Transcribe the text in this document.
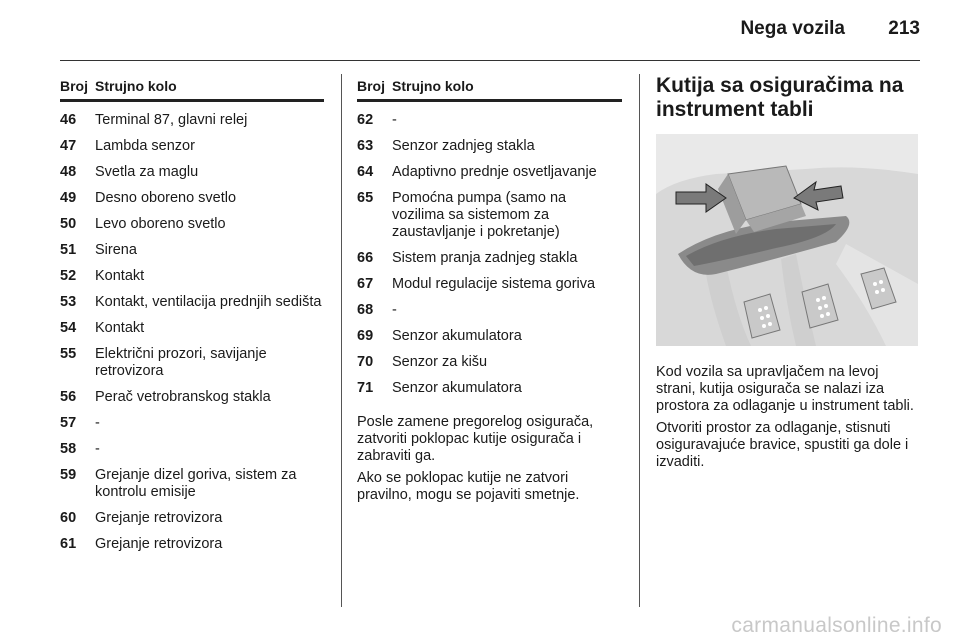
Nega vozila	213
Broj Strujno kolo
46	Terminal 87, glavni relej
47	Lambda senzor
48	Svetla za maglu
49	Desno oboreno svetlo
50	Levo oboreno svetlo
51	Sirena
52	Kontakt
53	Kontakt, ventilacija prednjih sedišta
54	Kontakt
55	Električni prozori, savijanje retrovizora
56	Perač vetrobranskog stakla
57	-
58	-
59	Grejanje dizel goriva, sistem za kontrolu emisije
60	Grejanje retrovizora
61	Grejanje retrovizora
Broj Strujno kolo
62	-
63	Senzor zadnjeg stakla
64	Adaptivno prednje osvetljavanje
65	Pomoćna pumpa (samo na vozilima sa sistemom za zaustavljanje i pokretanje)
66	Sistem pranja zadnjeg stakla
67	Modul regulacije sistema goriva
68	-
69	Senzor akumulatora
70	Senzor za kišu
71	Senzor akumulatora

Posle zamene pregorelog osigurača, zatvoriti poklopac kutije osigurača i zabraviti ga.

Ako se poklopac kutije ne zatvori pravilno, mogu se pojaviti smetnje.

Kutija sa osiguračima na instrument tabli

Kod vozila sa upravljačem na levoj strani, kutija osigurača se nalazi iza prostora za odlaganje u instrument tabli.

Otvoriti prostor za odlaganje, stisnuti osiguravajuće bravice, spustiti ga dole i izvaditi.

carmanualsonline.info
